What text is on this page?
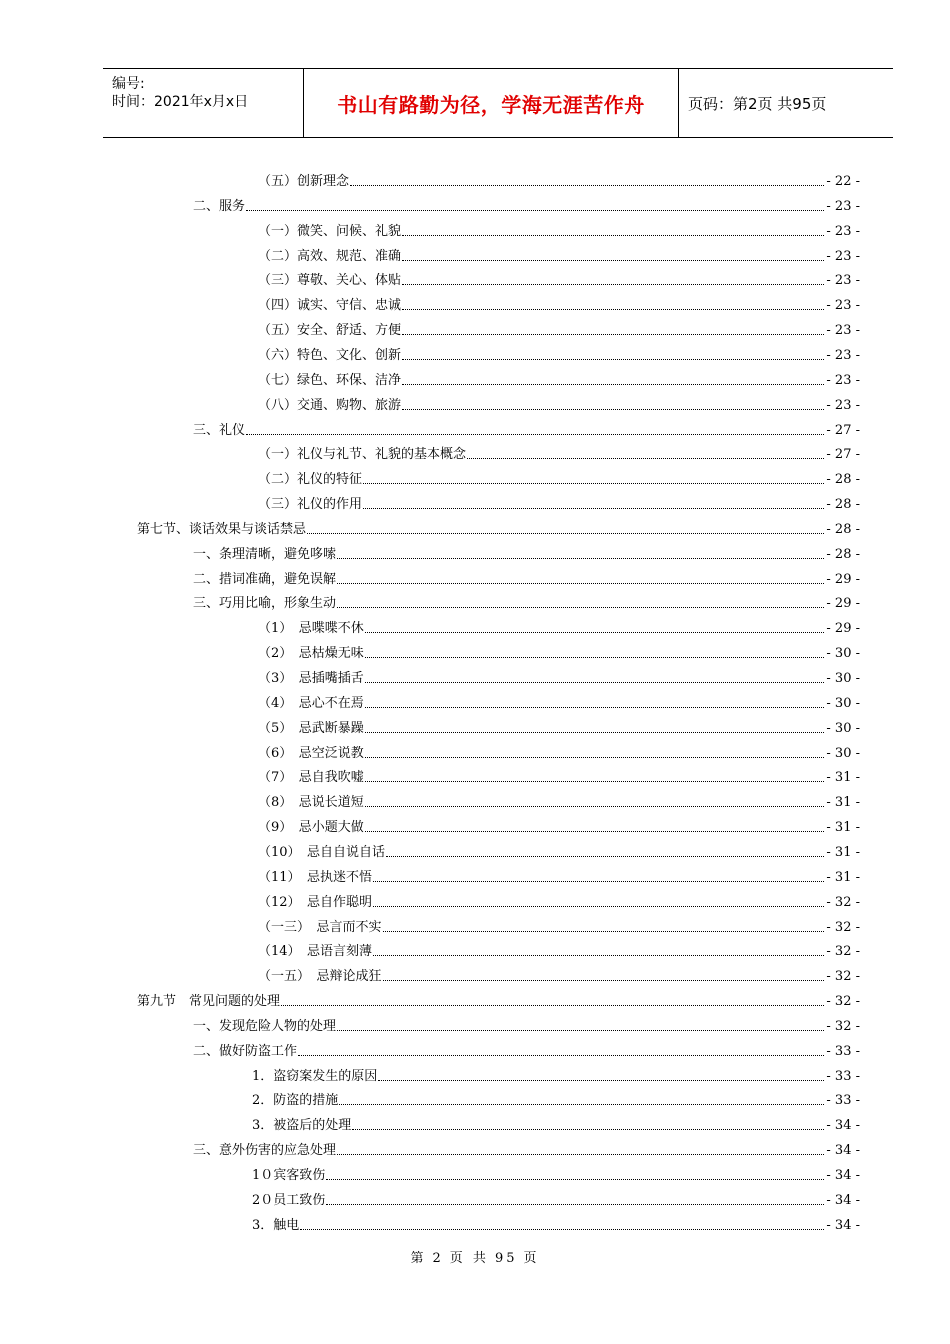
编号:
时间：2021年x月x日	书山有路勤为径，学海无涯苦作舟	页码：第2页 共95页
（五）创新理念	- 22 -
二、服务	- 23 -
（一）微笑、问候、礼貌	- 23 -
（二）高效、规范、准确	- 23 -
（三）尊敬、关心、体贴	- 23 -
（四）诚实、守信、忠诚	- 23 -
（五）安全、舒适、方便	- 23 -
（六）特色、文化、创新	- 23 -
（七）绿色、环保、洁净	- 23 -
（八）交通、购物、旅游	- 23 -
三、礼仪	- 27 -
（一）礼仪与礼节、礼貌的基本概念	- 27 -
（二）礼仪的特征	- 28 -
（三）礼仪的作用	- 28 -
第七节、谈话效果与谈话禁忌	- 28 -
一、条理清晰，避免哆嗦	- 28 -
二、措词准确，避免误解	- 29 -
三、巧用比喻，形象生动	- 29 -
（1）　忌喋喋不休	- 29 -
（2）　忌枯燥无味	- 30 -
（3）　忌插嘴插舌	- 30 -
（4）　忌心不在焉	- 30 -
（5）　忌武断暴躁	- 30 -
（6）　忌空泛说教	- 30 -
（7）　忌自我吹嘘	- 31 -
（8）　忌说长道短	- 31 -
（9）　忌小题大做	- 31 -
（10）　忌自自说自话	- 31 -
（11）　忌执迷不悟	- 31 -
（12）　忌自作聪明	- 32 -
（一三）　忌言而不实	- 32 -
（14）　忌语言刻薄	- 32 -
（一五）　忌辩论成狂	- 32 -
第九节　常见问题的处理	- 32 -
一、发现危险人物的处理	- 32 -
二、做好防盗工作	- 33 -
1．盗窃案发生的原因	- 33 -
2．防盗的措施	- 33 -
3．被盗后的处理	- 34 -
三、意外伤害的应急处理	- 34 -
1０宾客致伤	- 34 -
2０员工致伤	- 34 -
3．触电	- 34 -
第 2 页 共 95 页
